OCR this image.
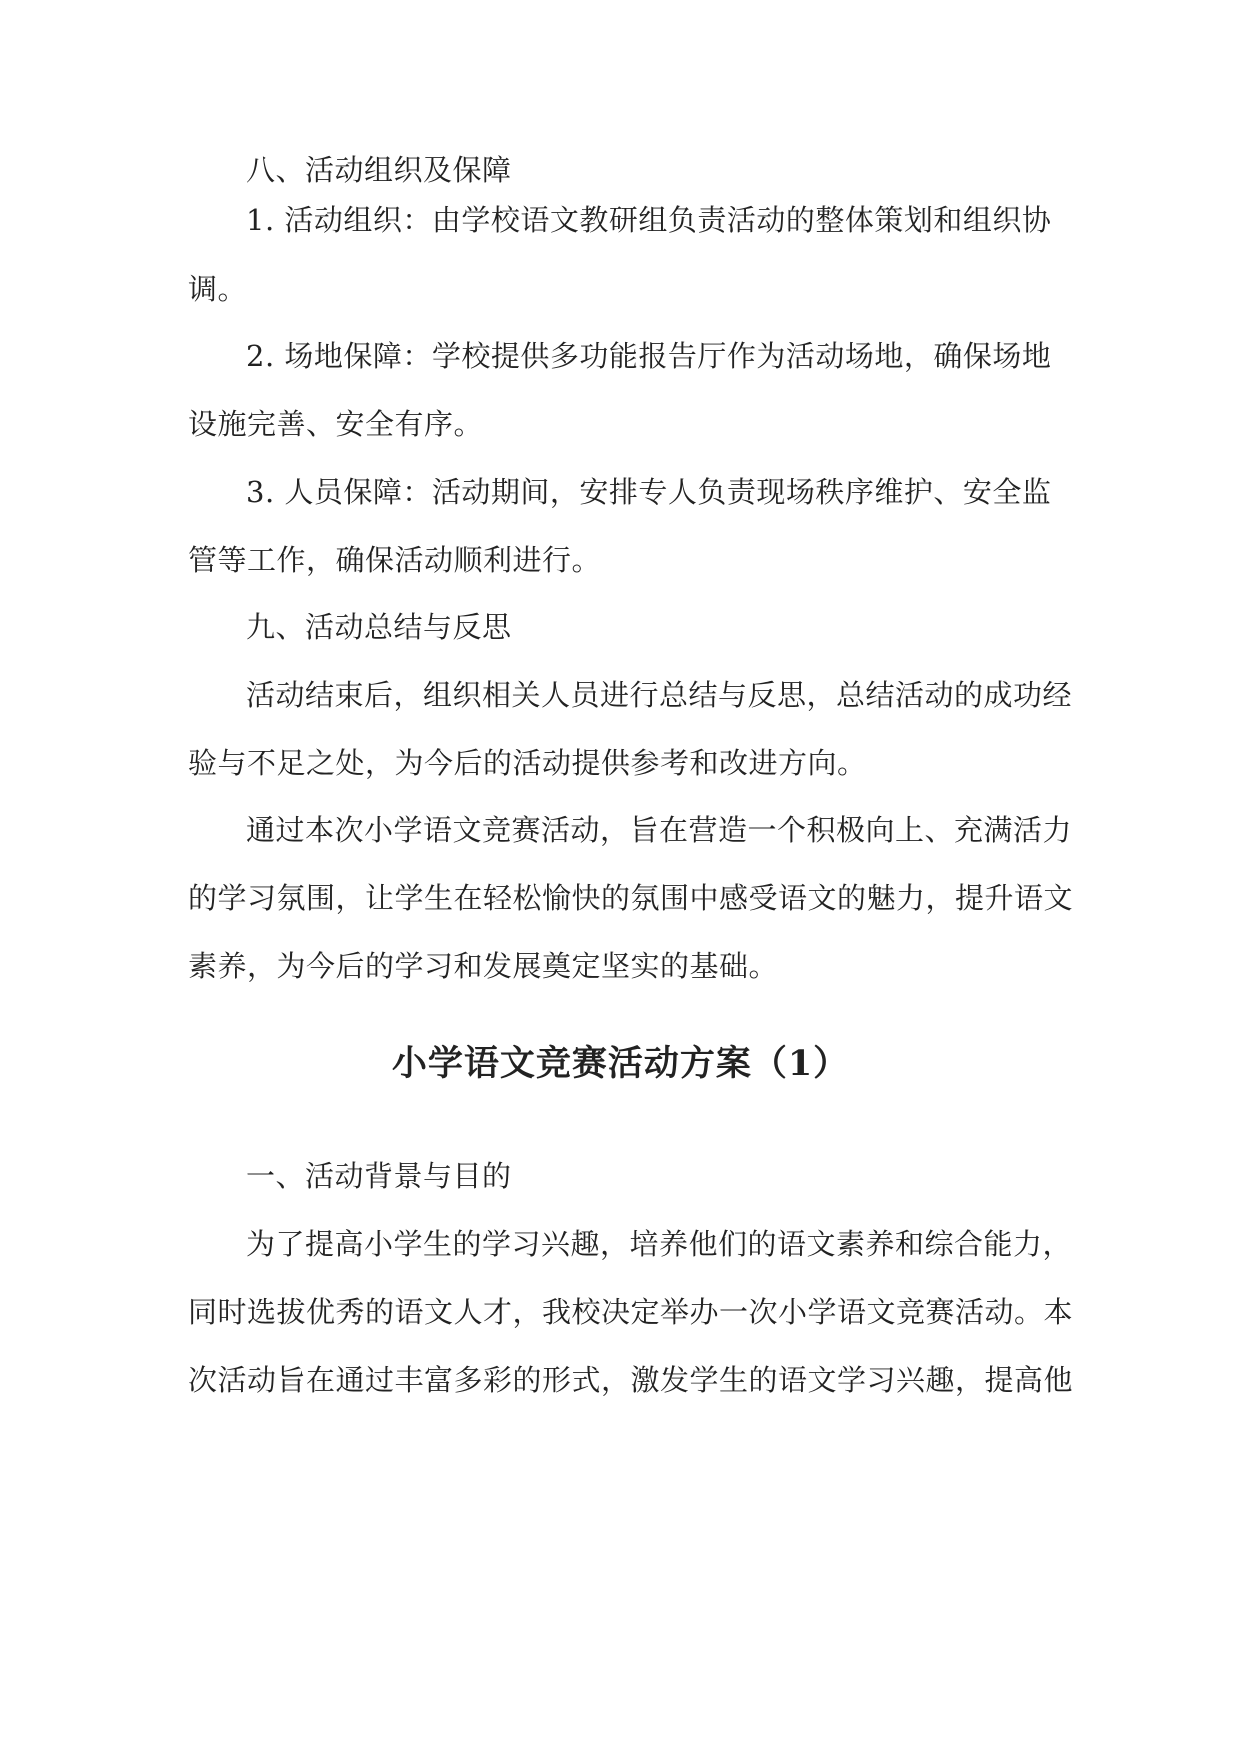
八、活动组织及保障
1. 活动组织：由学校语文教研组负责活动的整体策划和组织协
调。
2. 场地保障：学校提供多功能报告厅作为活动场地，确保场地
设施完善、安全有序。
3. 人员保障：活动期间，安排专人负责现场秩序维护、安全监
管等工作，确保活动顺利进行。
九、活动总结与反思
活动结束后，组织相关人员进行总结与反思，总结活动的成功经
验与不足之处，为今后的活动提供参考和改进方向。
通过本次小学语文竞赛活动，旨在营造一个积极向上、充满活力
的学习氛围，让学生在轻松愉快的氛围中感受语文的魅力，提升语文
素养，为今后的学习和发展奠定坚实的基础。
小学语文竞赛活动方案（1）
一、活动背景与目的
为了提高小学生的学习兴趣，培养他们的语文素养和综合能力，
同时选拔优秀的语文人才，我校决定举办一次小学语文竞赛活动。本
次活动旨在通过丰富多彩的形式，激发学生的语文学习兴趣，提高他
